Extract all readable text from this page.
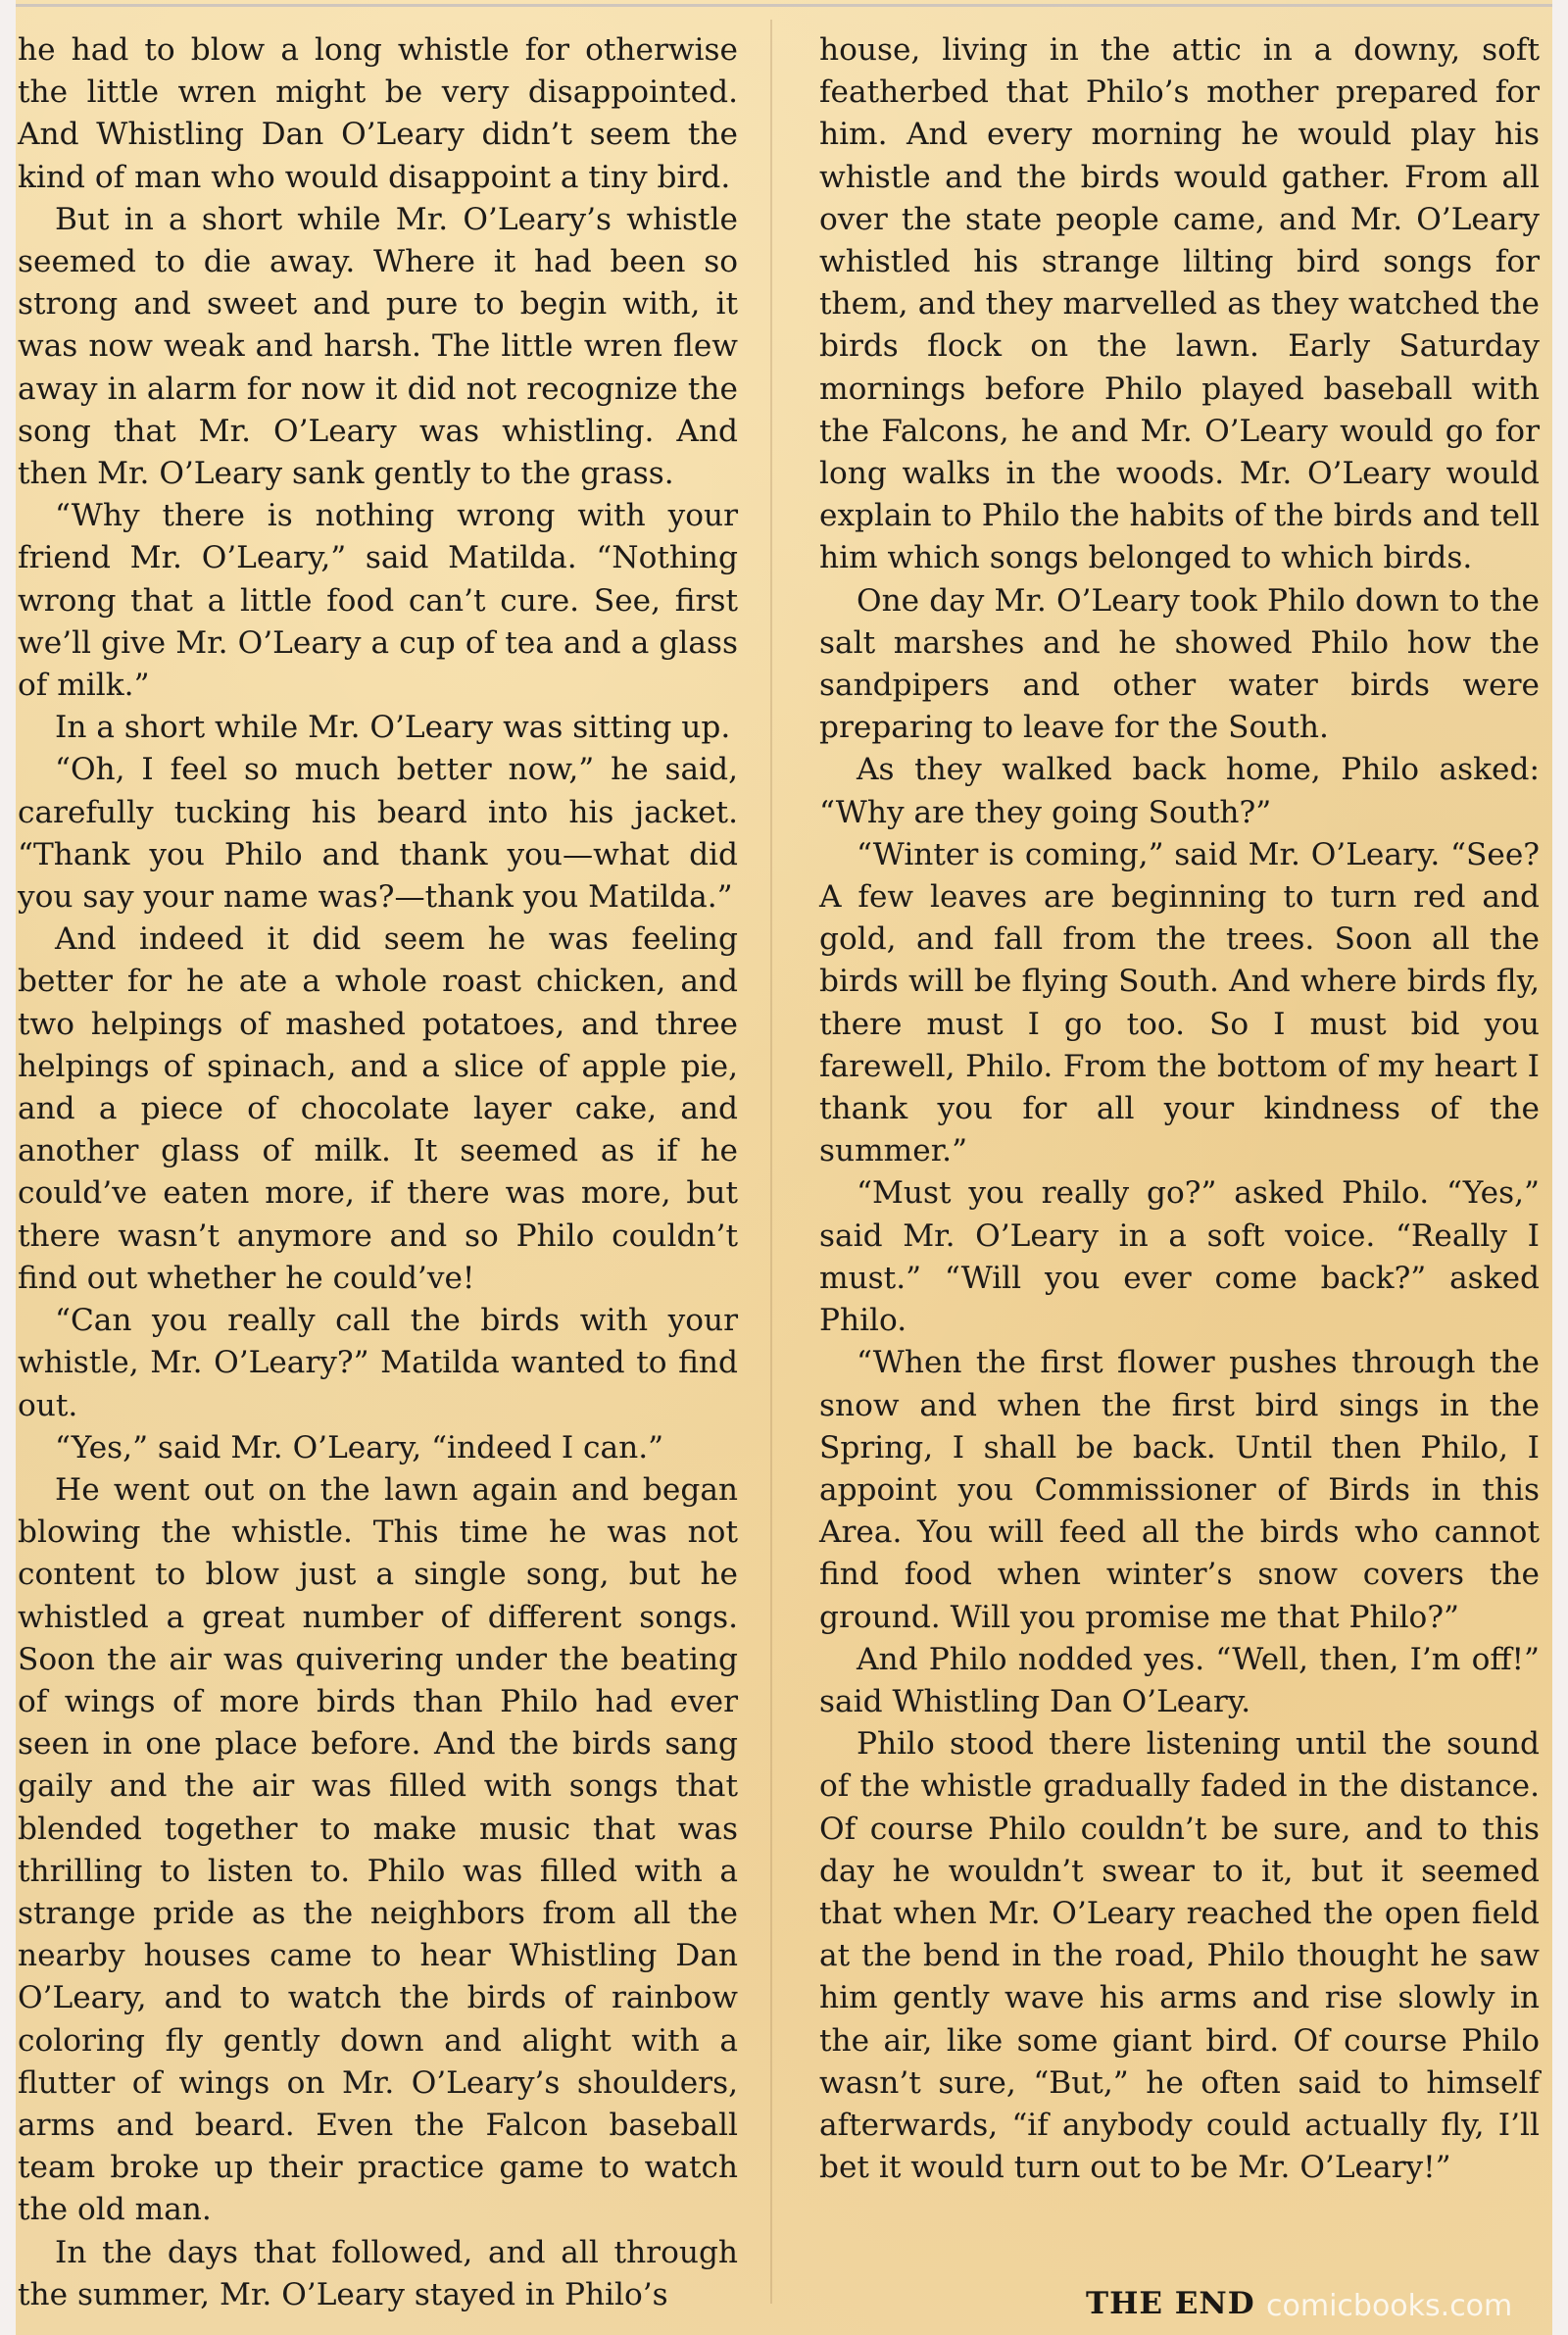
he had to blow a long whistle for otherwise the little wren might be very disappointed. And Whistling Dan O’Leary didn’t seem the kind of man who would disappoint a tiny bird.

But in a short while Mr. O’Leary’s whistle seemed to die away. Where it had been so strong and sweet and pure to begin with, it was now weak and harsh. The little wren flew away in alarm for now it did not recognize the song that Mr. O’Leary was whistling. And then Mr. O’Leary sank gently to the grass.

“Why there is nothing wrong with your friend Mr. O’Leary,” said Matilda. “Nothing wrong that a little food can’t cure. See, first we’ll give Mr. O’Leary a cup of tea and a glass of milk.”

In a short while Mr. O’Leary was sitting up.

“Oh, I feel so much better now,” he said, carefully tucking his beard into his jacket. “Thank you Philo and thank you—what did you say your name was?—thank you Matilda.”

And indeed it did seem he was feeling better for he ate a whole roast chicken, and two helpings of mashed potatoes, and three helpings of spinach, and a slice of apple pie, and a piece of chocolate layer cake, and another glass of milk. It seemed as if he could’ve eaten more, if there was more, but there wasn’t anymore and so Philo couldn’t find out whether he could’ve!

“Can you really call the birds with your whistle, Mr. O’Leary?” Matilda wanted to find out.

“Yes,” said Mr. O’Leary, “indeed I can.”

He went out on the lawn again and began blowing the whistle. This time he was not content to blow just a single song, but he whistled a great number of different songs. Soon the air was quivering under the beating of wings of more birds than Philo had ever seen in one place before. And the birds sang gaily and the air was filled with songs that blended together to make music that was thrilling to listen to. Philo was filled with a strange pride as the neighbors from all the nearby houses came to hear Whistling Dan O’Leary, and to watch the birds of rainbow coloring fly gently down and alight with a flutter of wings on Mr. O’Leary’s shoulders, arms and beard. Even the Falcon baseball team broke up their practice game to watch the old man.

In the days that followed, and all through the summer, Mr. O’Leary stayed in Philo’s

house, living in the attic in a downy, soft featherbed that Philo’s mother prepared for him. And every morning he would play his whistle and the birds would gather. From all over the state people came, and Mr. O’Leary whistled his strange lilting bird songs for them, and they marvelled as they watched the birds flock on the lawn. Early Saturday mornings before Philo played baseball with the Falcons, he and Mr. O’Leary would go for long walks in the woods. Mr. O’Leary would explain to Philo the habits of the birds and tell him which songs belonged to which birds.

One day Mr. O’Leary took Philo down to the salt marshes and he showed Philo how the sandpipers and other water birds were preparing to leave for the South.

As they walked back home, Philo asked: “Why are they going South?”

“Winter is coming,” said Mr. O’Leary. “See? A few leaves are beginning to turn red and gold, and fall from the trees. Soon all the birds will be flying South. And where birds fly, there must I go too. So I must bid you farewell, Philo. From the bottom of my heart I thank you for all your kindness of the summer.”

“Must you really go?” asked Philo. “Yes,” said Mr. O’Leary in a soft voice. “Really I must.” “Will you ever come back?” asked Philo.

“When the first flower pushes through the snow and when the first bird sings in the Spring, I shall be back. Until then Philo, I appoint you Commissioner of Birds in this Area. You will feed all the birds who cannot find food when winter’s snow covers the ground. Will you promise me that Philo?”

And Philo nodded yes. “Well, then, I’m off!” said Whistling Dan O’Leary.

Philo stood there listening until the sound of the whistle gradually faded in the distance. Of course Philo couldn’t be sure, and to this day he wouldn’t swear to it, but it seemed that when Mr. O’Leary reached the open field at the bend in the road, Philo thought he saw him gently wave his arms and rise slowly in the air, like some giant bird. Of course Philo wasn’t sure, “But,” he often said to himself afterwards, “if anybody could actually fly, I’ll bet it would turn out to be Mr. O’Leary!”

THE END comicbooks.com
